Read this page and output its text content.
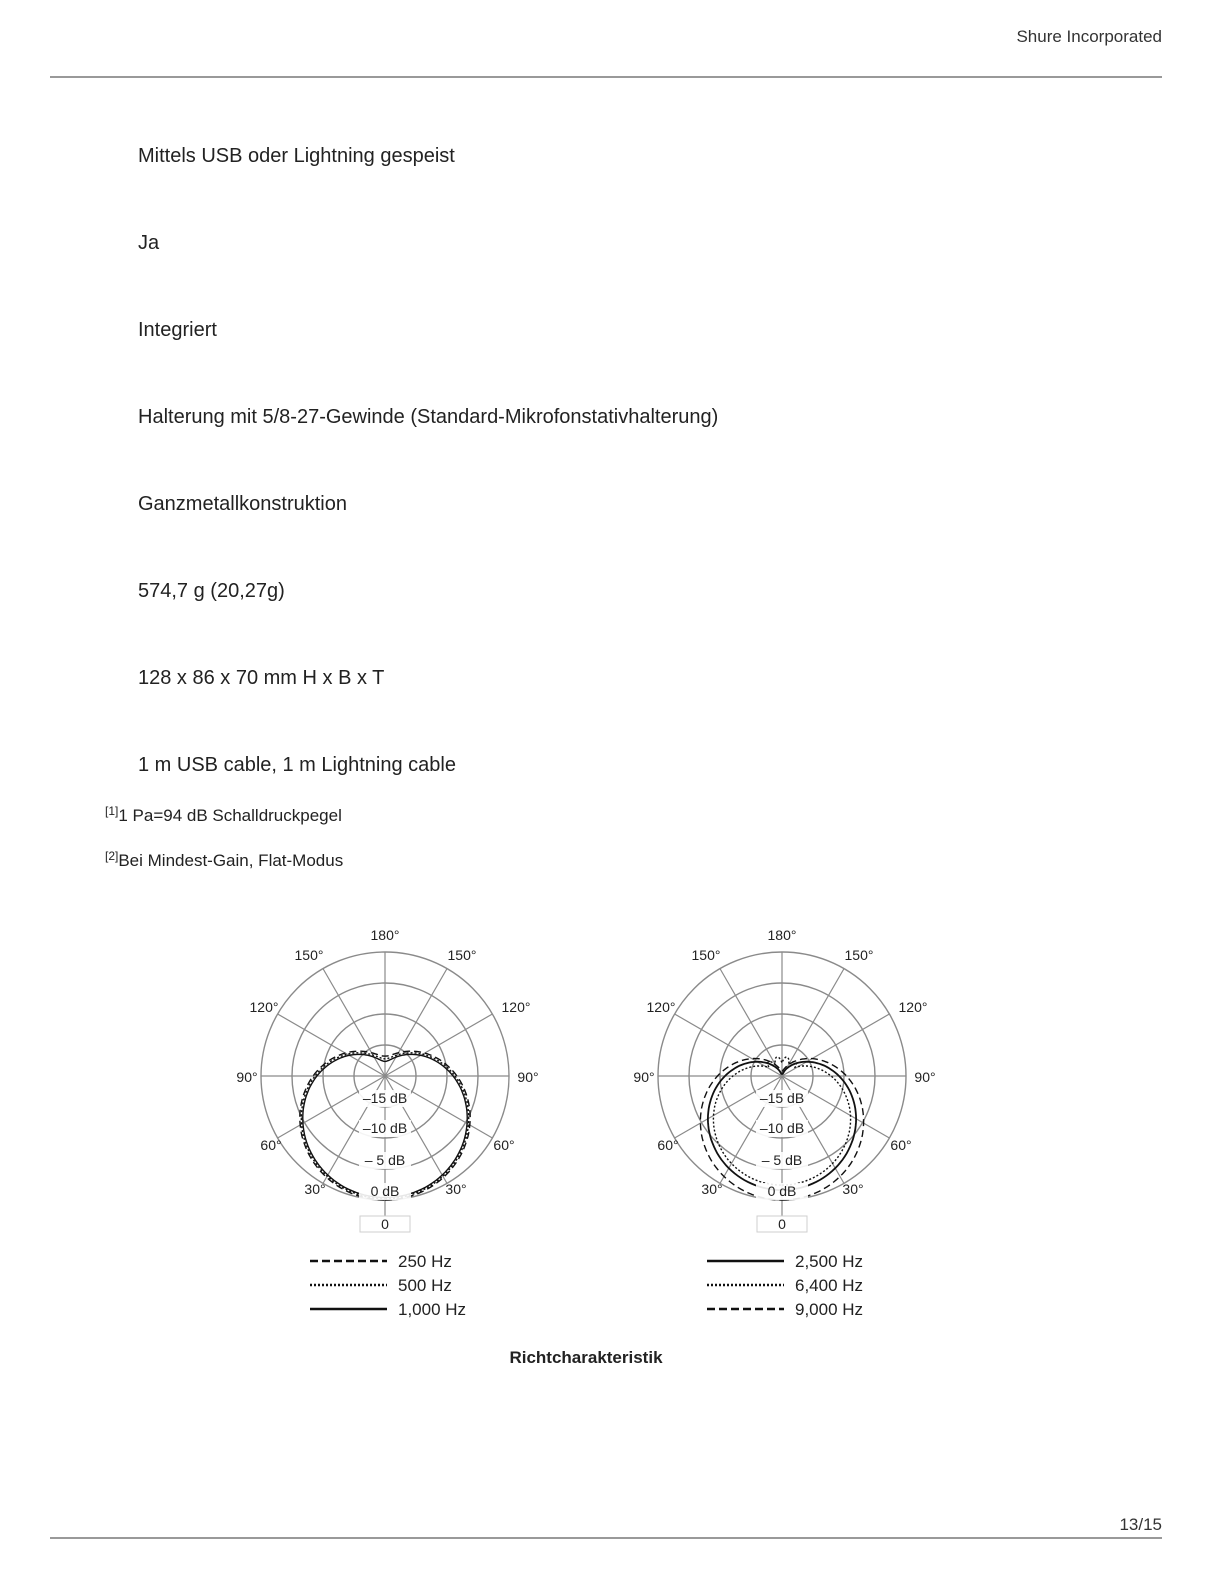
Shure Incorporated
Mittels USB oder Lightning gespeist
Ja
Integriert
Halterung mit 5/8-27-Gewinde (Standard-Mikrofonstativhalterung)
Ganzmetallkonstruktion
574,7 g (20,27g)
128 x 86 x 70 mm H x B x T
1 m USB cable, 1 m Lightning cable
[1]1 Pa=94 dB Schalldruckpegel
[2]Bei Mindest-Gain, Flat-Modus
0 dB
– 5 dB
–10 dB
–15 dB
0
180°
150°	150°
120°	120°
90°	90°
60°	60°
30°	30°
250 Hz
500 Hz
1,000 Hz
0 dB
– 5 dB
–10 dB
–15 dB
0
180°
150°	150°
120°	120°
90°	90°
60°	60°
30°	30°
2,500 Hz
6,400 Hz
9,000 Hz
Richtcharakteristik
13/15
